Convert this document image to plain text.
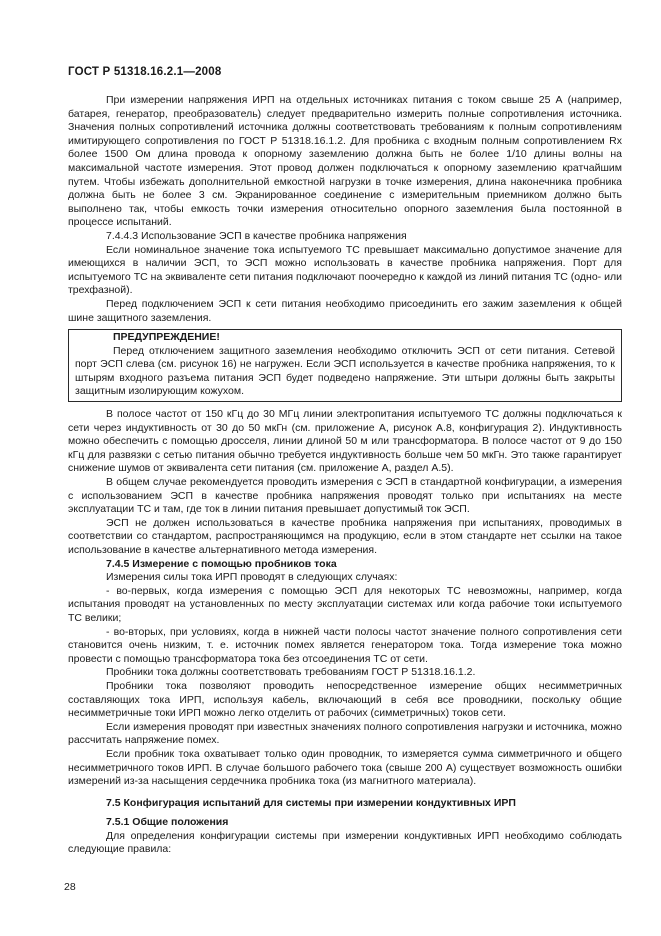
ГОСТ Р 51318.16.2.1—2008

При измерении напряжения ИРП на отдельных источниках питания с током свыше 25 А (например, батарея, генератор, преобразователь) следует предварительно измерить полные сопротивления источника. Значения полных сопротивлений источника должны соответствовать требованиям к полным сопротивлениям имитирующего сопротивления по ГОСТ Р 51318.16.1.2. Для пробника с входным полным сопротивлением Rx более 1500 Ом длина провода к опорному заземлению должна быть не более 1/10 длины волны на максимальной частоте измерения. Этот провод должен подключаться к опорному заземлению кратчайшим путем. Чтобы избежать дополнительной емкостной нагрузки в точке измерения, длина наконечника пробника должна быть не более 3 см. Экранированное соединение с измерительным приемником должно быть выполнено так, чтобы емкость точки измерения относительно опорного заземления была постоянной в процессе испытаний.

7.4.4.3 Использование ЭСП в качестве пробника напряжения

Если номинальное значение тока испытуемого ТС превышает максимально допустимое значение для имеющихся в наличии ЭСП, то ЭСП можно использовать в качестве пробника напряжения. Порт для испытуемого ТС на эквиваленте сети питания подключают поочередно к каждой из линий питания ТС (одно- или трехфазной).

Перед подключением ЭСП к сети питания необходимо присоединить его зажим заземления к общей шине защитного заземления.

ПРЕДУПРЕЖДЕНИЕ!

Перед отключением защитного заземления необходимо отключить ЭСП от сети питания. Сетевой порт ЭСП слева (см. рисунок 16) не нагружен. Если ЭСП используется в качестве пробника напряжения, то к штырям входного разъема питания ЭСП будет подведено напряжение. Эти штыри должны быть закрыты защитным изолирующим кожухом.

В полосе частот от 150 кГц до 30 МГц линии электропитания испытуемого ТС должны подключаться к сети через индуктивность от 30 до 50 мкГн (см. приложение А, рисунок А.8, конфигурация 2). Индуктивность можно обеспечить с помощью дросселя, линии длиной 50 м или трансформатора. В полосе частот от 9 до 150 кГц для развязки с сетью питания обычно требуется индуктивность больше чем 50 мкГн. Это также гарантирует снижение шумов от эквивалента сети питания (см. приложение А, раздел А.5).

В общем случае рекомендуется проводить измерения с ЭСП в стандартной конфигурации, а измерения с использованием ЭСП в качестве пробника напряжения проводят только при испытаниях на месте эксплуатации ТС и там, где ток в линии питания превышает допустимый ток ЭСП.

ЭСП не должен использоваться в качестве пробника напряжения при испытаниях, проводимых в соответствии со стандартом, распространяющимся на продукцию, если в этом стандарте нет ссылки на такое использование в качестве альтернативного метода измерения.

7.4.5 Измерение с помощью пробников тока

Измерения силы тока ИРП проводят в следующих случаях:

- во-первых, когда измерения с помощью ЭСП для некоторых ТС невозможны, например, когда испытания проводят на установленных по месту эксплуатации системах или когда рабочие токи испытуемого ТС велики;

- во-вторых, при условиях, когда в нижней части полосы частот значение полного сопротивления сети становится очень низким, т. е. источник помех является генератором тока. Тогда измерение тока можно провести с помощью трансформатора тока без отсоединения ТС от сети.

Пробники тока должны соответствовать требованиям ГОСТ Р 51318.16.1.2.

Пробники тока позволяют проводить непосредственное измерение общих несимметричных составляющих тока ИРП, используя кабель, включающий в себя все проводники, поскольку общие несимметричные токи ИРП можно легко отделить от рабочих (симметричных) токов сети.

Если измерения проводят при известных значениях полного сопротивления нагрузки и источника, можно рассчитать напряжение помех.

Если пробник тока охватывает только один проводник, то измеряется сумма симметричного и общего несимметричного токов ИРП. В случае большого рабочего тока (свыше 200 А) существует возможность ошибки измерений из-за насыщения сердечника пробника тока (из магнитного материала).

7.5 Конфигурация испытаний для системы при измерении кондуктивных ИРП

7.5.1 Общие положения

Для определения конфигурации системы при измерении кондуктивных ИРП необходимо соблюдать следующие правила:

28
